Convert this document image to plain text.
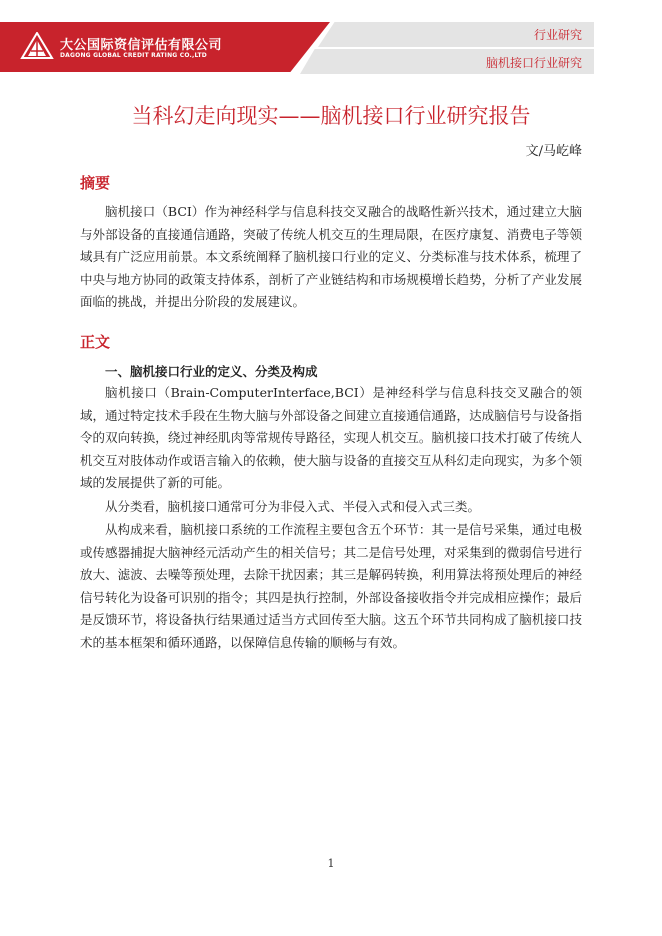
大公国际资信评估有限公司
DAGONG GLOBAL CREDIT RATING CO.,LTD
行业研究
脑机接口行业研究
当科幻走向现实——脑机接口行业研究报告
文/马屹峰
摘要

脑机接口（BCI）作为神经科学与信息科技交叉融合的战略性新兴技术，通过建立大脑与外部设备的直接通信通路，突破了传统人机交互的生理局限，在医疗康复、消费电子等领域具有广泛应用前景。本文系统阐释了脑机接口行业的定义、分类标准与技术体系，梳理了中央与地方协同的政策支持体系，剖析了产业链结构和市场规模增长趋势，分析了产业发展面临的挑战，并提出分阶段的发展建议。

正文
一、脑机接口行业的定义、分类及构成

脑机接口（Brain-ComputerInterface,BCI）是神经科学与信息科技交叉融合的领域，通过特定技术手段在生物大脑与外部设备之间建立直接通信通路，达成脑信号与设备指令的双向转换，绕过神经肌肉等常规传导路径，实现人机交互。脑机接口技术打破了传统人机交互对肢体动作或语言输入的依赖，使大脑与设备的直接交互从科幻走向现实，为多个领域的发展提供了新的可能。

从分类看，脑机接口通常可分为非侵入式、半侵入式和侵入式三类。

从构成来看，脑机接口系统的工作流程主要包含五个环节：其一是信号采集，通过电极或传感器捕捉大脑神经元活动产生的相关信号；其二是信号处理，对采集到的微弱信号进行放大、滤波、去噪等预处理，去除干扰因素；其三是解码转换，利用算法将预处理后的神经信号转化为设备可识别的指令；其四是执行控制，外部设备接收指令并完成相应操作；最后是反馈环节，将设备执行结果通过适当方式回传至大脑。这五个环节共同构成了脑机接口技术的基本框架和循环通路，以保障信息传输的顺畅与有效。

1
